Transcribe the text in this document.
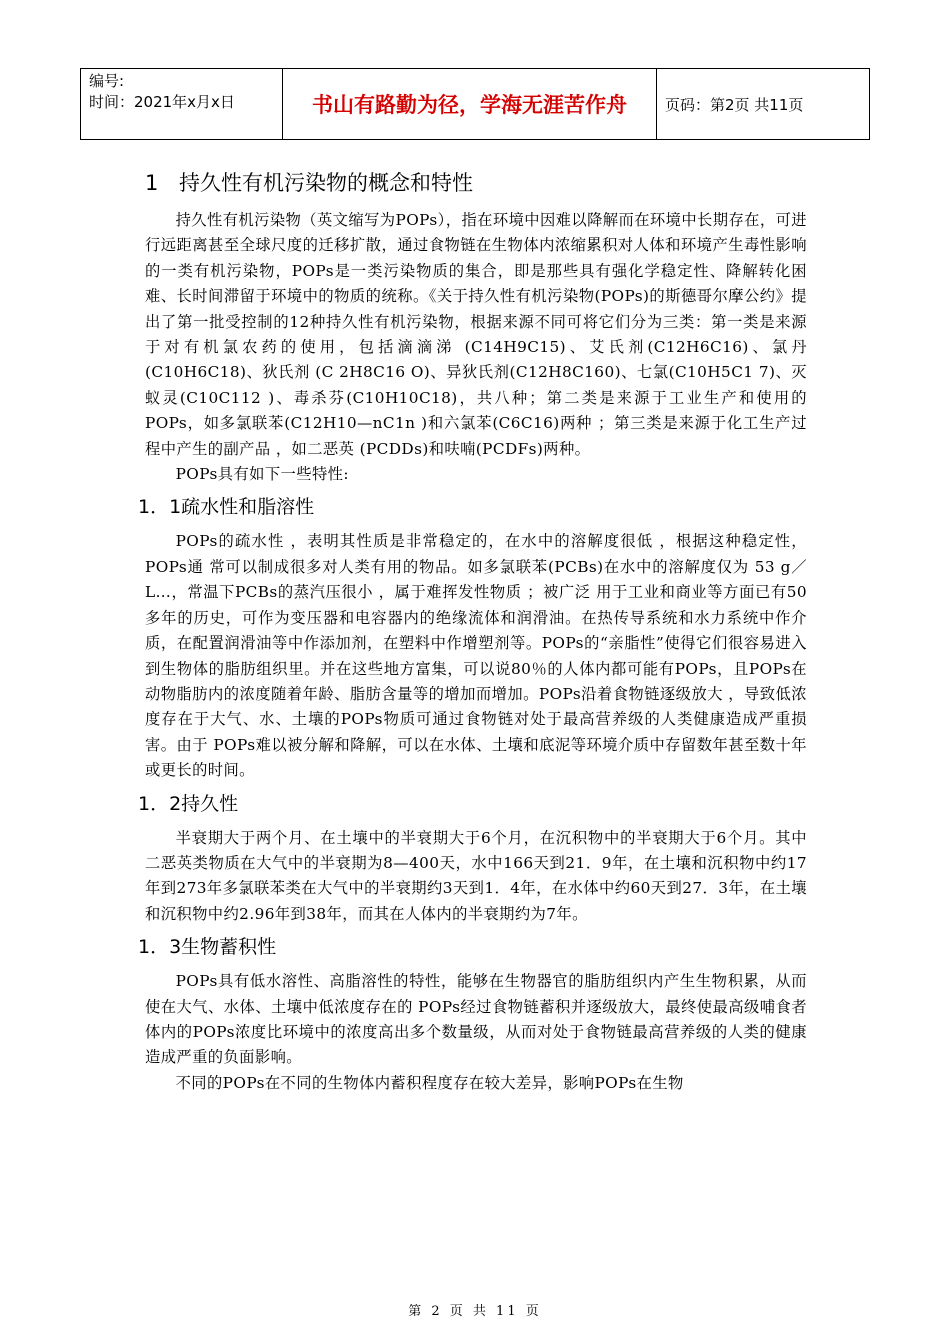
编号:
时间：2021年x月x日	书山有路勤为径，学海无涯苦作舟	页码：第2页 共11页
1 持久性有机污染物的概念和特性

持久性有机污染物（英文缩写为POPs），指在环境中因难以降解而在环境中长期存在，可进行远距离甚至全球尺度的迁移扩散，通过食物链在生物体内浓缩累积对人体和环境产生毒性影响的一类有机污染物，POPs是一类污染物质的集合，即是那些具有强化学稳定性、降解转化困难、长时间滞留于环境中的物质的统称。《关于持久性有机污染物(POPs)的斯德哥尔摩公约》提出了第一批受控制的12种持久性有机污染物，根据来源不同可将它们分为三类：第一类是来源于对有机氯农药的使用，包括滴滴涕 (C14H9C15)、艾氏剂(C12H6C16)、氯丹(C10H6C18)、狄氏剂 (C 2H8C16 O)、异狄氏剂(C12H8C160)、七氯(C10H5C1 7)、灭蚁灵(C10C112 )、毒杀芬(C10H10C18)，共八种；第二类是来源于工业生产和使用的POPs，如多氯联苯(C12H10—nC1n )和六氯苯(C6C16)两种 ；第三类是来源于化工生产过程中产生的副产品 ，如二恶英 (PCDDs)和呋喃(PCDFs)两种。

POPs具有如下一些特性:

1．1疏水性和脂溶性

POPs的疏水性 ，表明其性质是非常稳定的，在水中的溶解度很低 ，根据这种稳定性，POPs通 常可以制成很多对人类有用的物品。如多氯联苯(PCBs)在水中的溶解度仅为 53 g／L…，常温下PCBs的蒸汽压很小 ，属于难挥发性物质 ；被广泛 用于工业和商业等方面已有50多年的历史，可作为变压器和电容器内的绝缘流体和润滑油。在热传导系统和水力系统中作介质，在配置润滑油等中作添加剂，在塑料中作增塑剂等。POPs的“亲脂性”使得它们很容易进入到生物体的脂肪组织里。并在这些地方富集，可以说80％的人体内都可能有POPs，且POPs在动物脂肪内的浓度随着年龄、脂肪含量等的增加而增加。POPs沿着食物链逐级放大 ，导致低浓度存在于大气、水、土壤的POPs物质可通过食物链对处于最高营养级的人类健康造成严重损害。由于 POPs难以被分解和降解，可以在水体、土壤和底泥等环境介质中存留数年甚至数十年或更长的时间。

1．2持久性

半衰期大于两个月、在土壤中的半衰期大于6个月，在沉积物中的半衰期大于6个月。其中二恶英类物质在大气中的半衰期为8—400天，水中166天到21．9年，在土壤和沉积物中约17年到273年多氯联苯类在大气中的半衰期约3天到1．4年，在水体中约60天到27．3年，在土壤和沉积物中约2.96年到38年，而其在人体内的半衰期约为7年。

1．3生物蓄积性

POPs具有低水溶性、高脂溶性的特性，能够在生物器官的脂肪组织内产生生物积累，从而使在大气、水体、土壤中低浓度存在的 POPs经过食物链蓄积并逐级放大，最终使最高级哺食者体内的POPs浓度比环境中的浓度高出多个数量级，从而对处于食物链最高营养级的人类的健康造成严重的负面影响。

不同的POPs在不同的生物体内蓄积程度存在较大差异，影响POPs在生物

第 2 页 共 11 页
